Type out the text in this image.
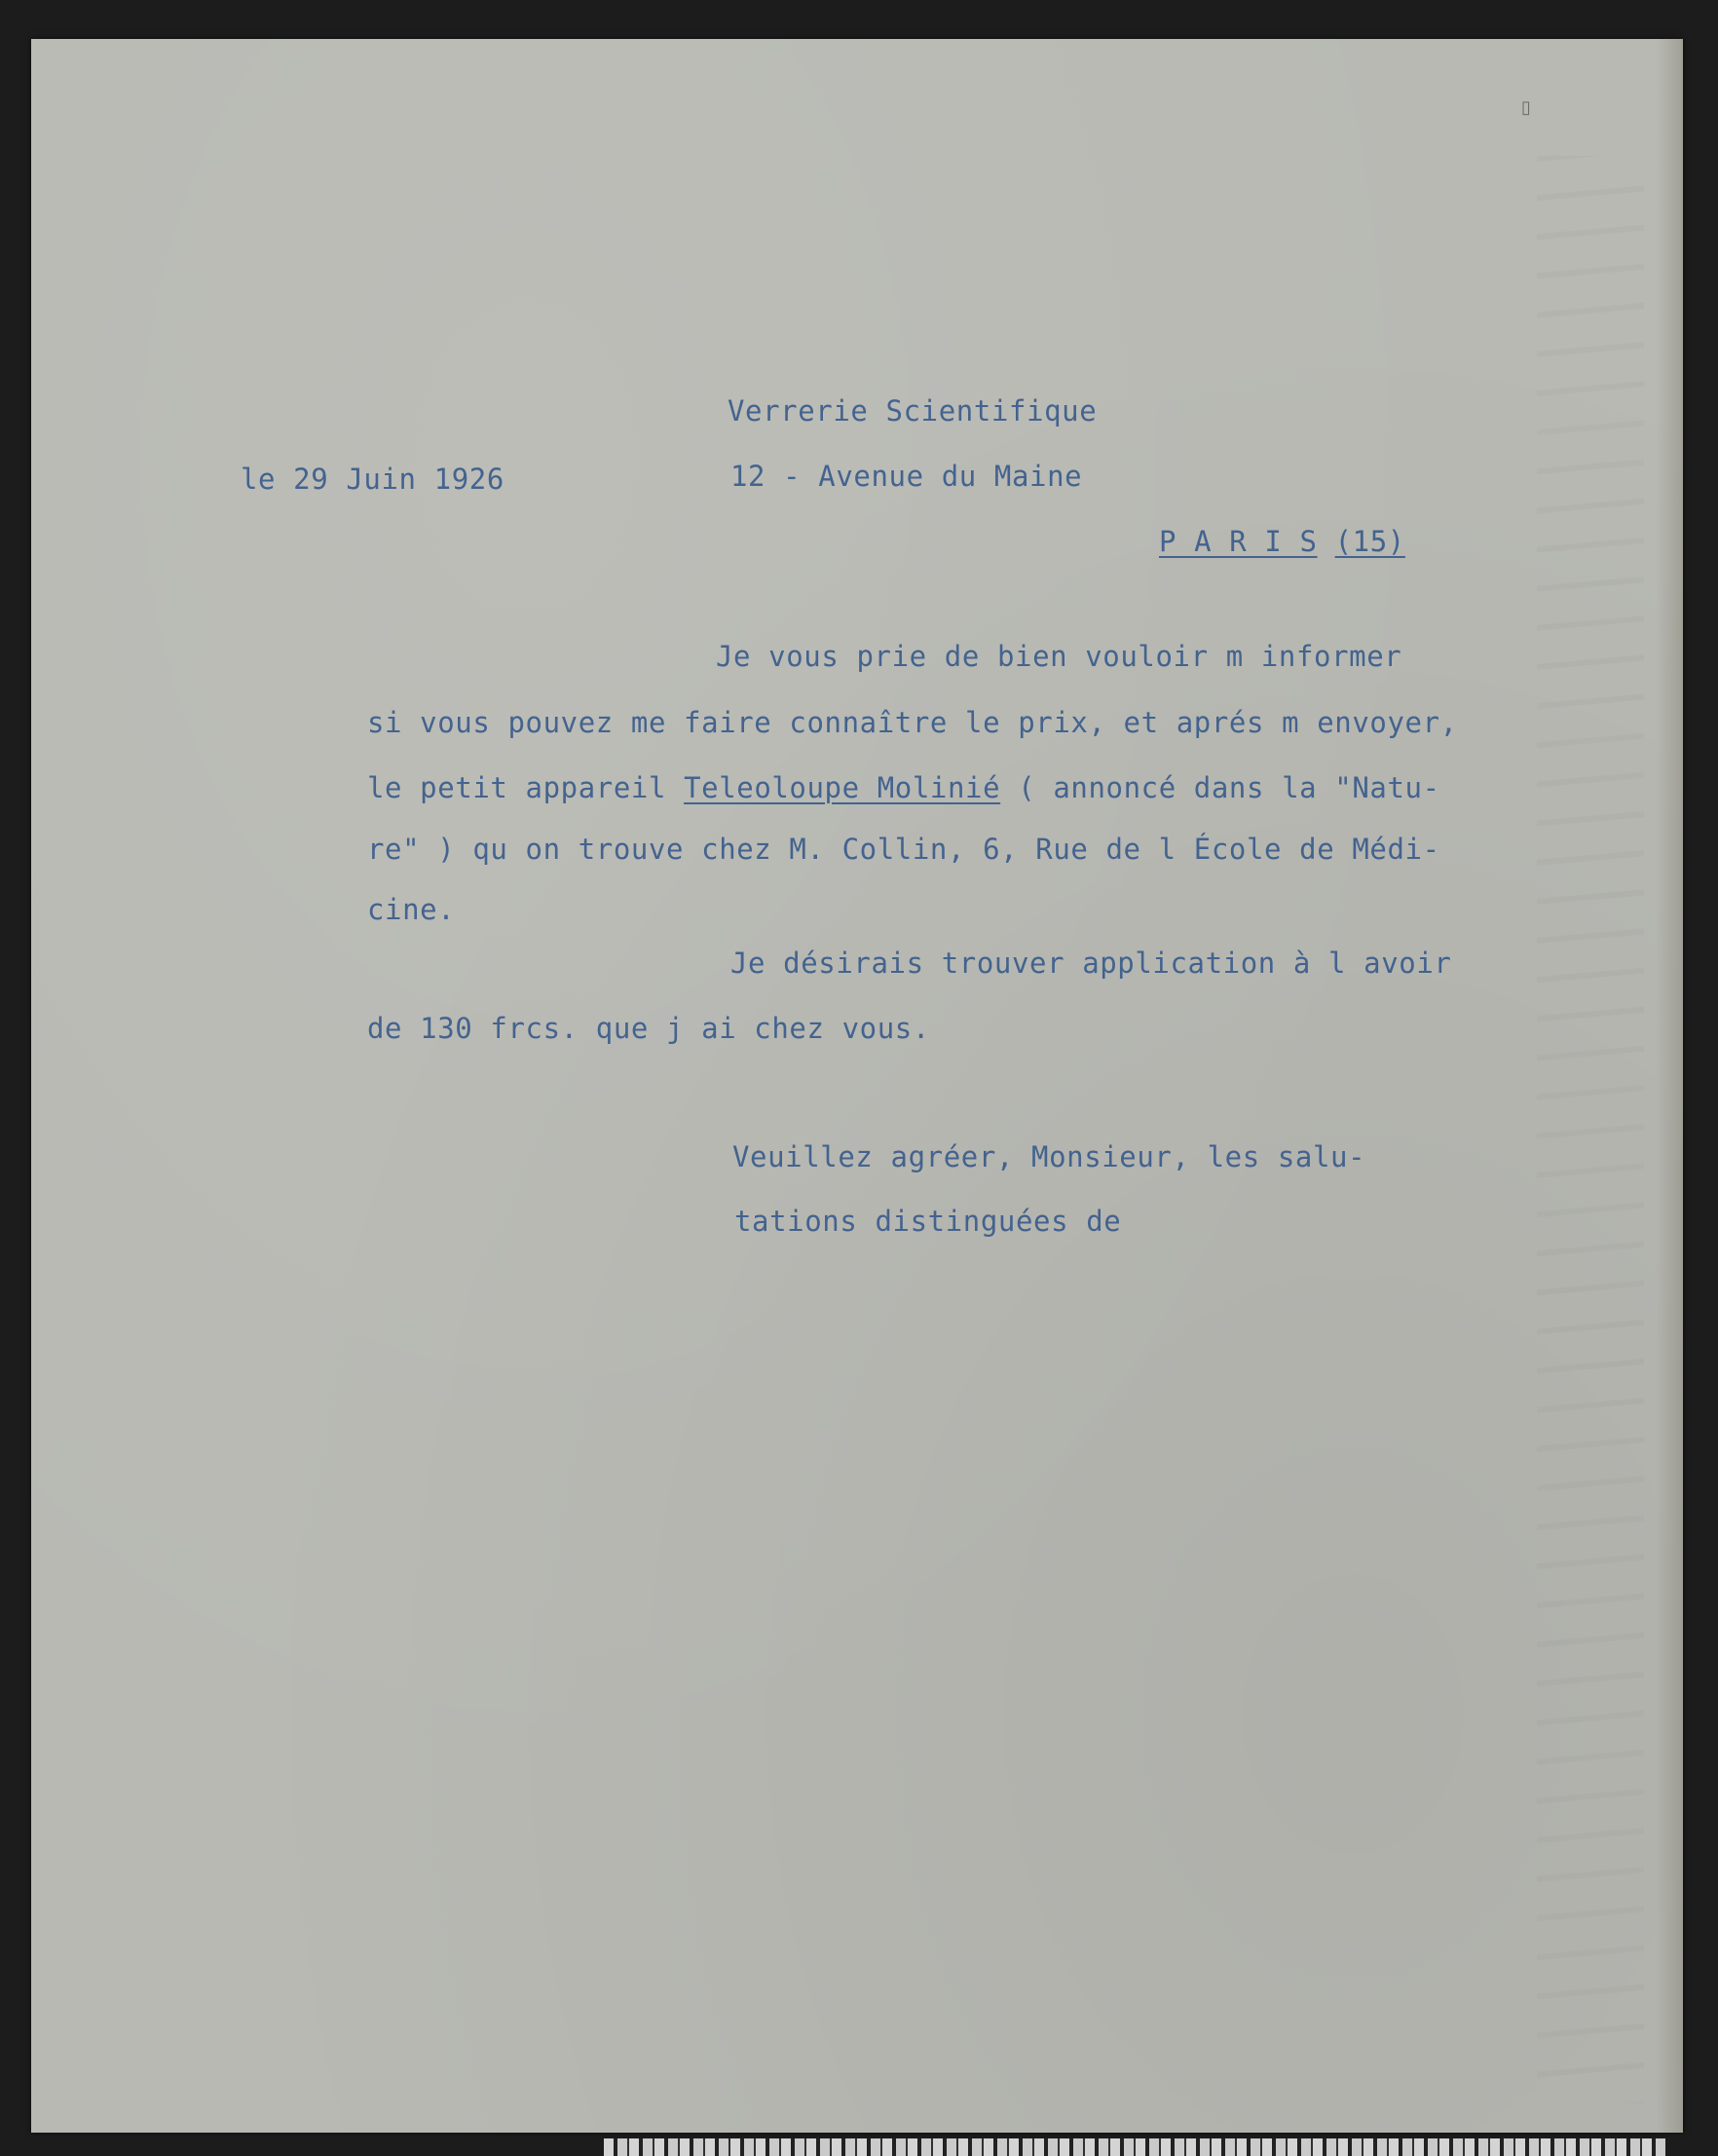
▯
Verrerie Scientifique
le 29 Juin 1926	12 - Avenue du Maine
P A R I S (15)
Je vous prie de bien vouloir m informer
si vous pouvez me faire connaître le prix, et aprés m envoyer,
le petit appareil Teleoloupe Molinié ( annoncé dans la "Natu-
re" ) qu on trouve chez M. Collin, 6, Rue de l École de Médi-
cine.
Je désirais trouver application à l avoir
de 130 frcs. que j ai chez vous.
Veuillez agréer, Monsieur, les salu-
tations distinguées de
